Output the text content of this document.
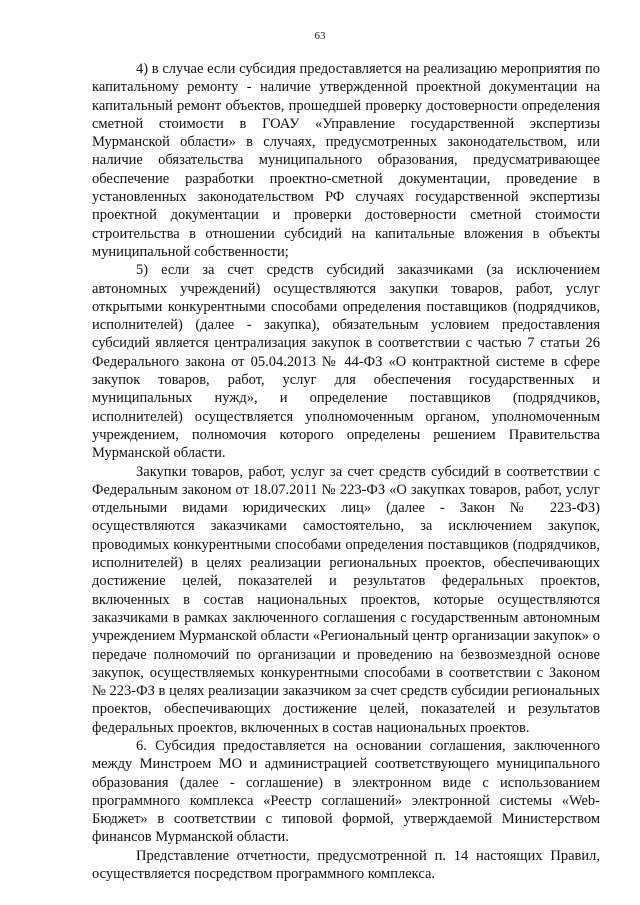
63

4) в случае если субсидия предоставляется на реализацию мероприятия по капитальному ремонту - наличие утвержденной проектной документации на капитальный ремонт объектов, прошедшей проверку достоверности определения сметной стоимости в ГОАУ «Управление государственной экспертизы Мурманской области» в случаях, предусмотренных законодательством, или наличие обязательства муниципального образования, предусматривающее обеспечение разработки проектно-сметной документации, проведение в установленных законодательством РФ случаях государственной экспертизы проектной документации и проверки достоверности сметной стоимости строительства в отношении субсидий на капитальные вложения в объекты муниципальной собственности;

5) если за счет средств субсидий заказчиками (за исключением автономных учреждений) осуществляются закупки товаров, работ, услуг открытыми конкурентными способами определения поставщиков (подрядчиков, исполнителей) (далее - закупка), обязательным условием предоставления субсидий является централизация закупок в соответствии с частью 7 статьи 26 Федерального закона от 05.04.2013 № 44-ФЗ «О контрактной системе в сфере закупок товаров, работ, услуг для обеспечения государственных и муниципальных нужд», и определение поставщиков (подрядчиков, исполнителей) осуществляется уполномоченным органом, уполномоченным учреждением, полномочия которого определены решением Правительства Мурманской области.

Закупки товаров, работ, услуг за счет средств субсидий в соответствии с Федеральным законом от 18.07.2011 № 223-ФЗ «О закупках товаров, работ, услуг отдельными видами юридических лиц» (далее - Закон № 223-ФЗ) осуществляются заказчиками самостоятельно, за исключением закупок, проводимых конкурентными способами определения поставщиков (подрядчиков, исполнителей) в целях реализации региональных проектов, обеспечивающих достижение целей, показателей и результатов федеральных проектов, включенных в состав национальных проектов, которые осуществляются заказчиками в рамках заключенного соглашения с государственным автономным учреждением Мурманской области «Региональный центр организации закупок» о передаче полномочий по организации и проведению на безвозмездной основе закупок, осуществляемых конкурентными способами в соответствии с Законом № 223-ФЗ в целях реализации заказчиком за счет средств субсидии региональных проектов, обеспечивающих достижение целей, показателей и результатов федеральных проектов, включенных в состав национальных проектов.

6. Субсидия предоставляется на основании соглашения, заключенного между Минстроем МО и администрацией соответствующего муниципального образования (далее - соглашение) в электронном виде с использованием программного комплекса «Реестр соглашений» электронной системы «Web-Бюджет» в соответствии с типовой формой, утверждаемой Министерством финансов Мурманской области.

Представление отчетности, предусмотренной п. 14 настоящих Правил, осуществляется посредством программного комплекса.
